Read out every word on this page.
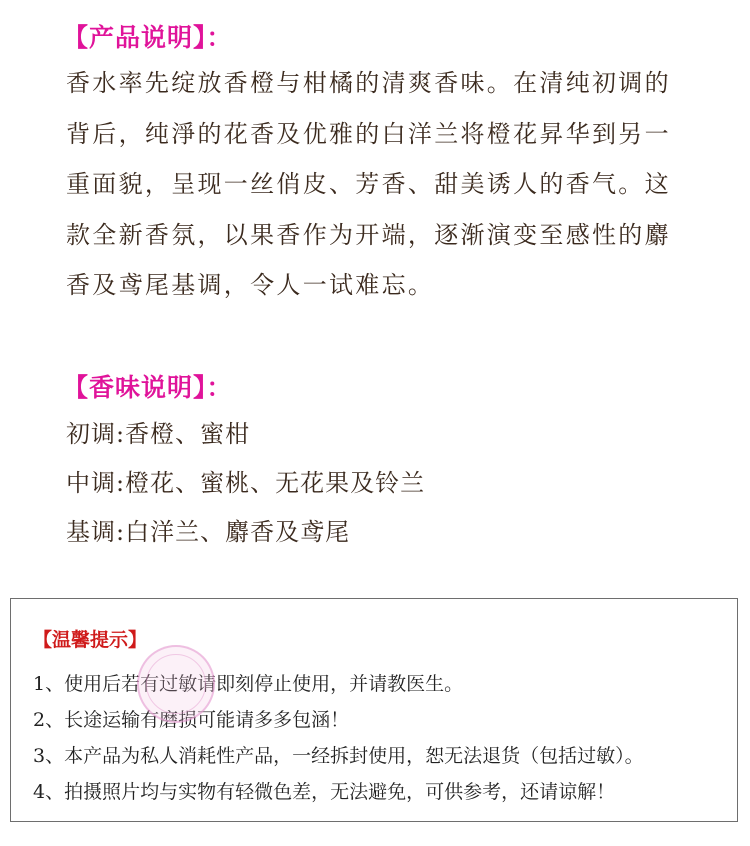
【产品说明】：
香水率先绽放香橙与柑橘的清爽香味。在清纯初调的
背后，纯淨的花香及优雅的白洋兰将橙花昇华到另一
重面貌，呈现一丝俏皮、芳香、甜美诱人的香气。这
款全新香氛，以果香作为开端，逐渐演变至感性的麝
香及鸢尾基调，令人一试难忘。
【香味说明】：
初调:香橙、蜜柑
中调:橙花、蜜桃、无花果及铃兰
基调:白洋兰、麝香及鸢尾
【温馨提示】
1、使用后若有过敏请即刻停止使用，并请教医生。
2、长途运输有磨损可能请多多包涵！
3、本产品为私人消耗性产品，一经拆封使用，恕无法退货（包括过敏）。
4、拍摄照片均与实物有轻微色差，无法避免，可供参考，还请谅解！
